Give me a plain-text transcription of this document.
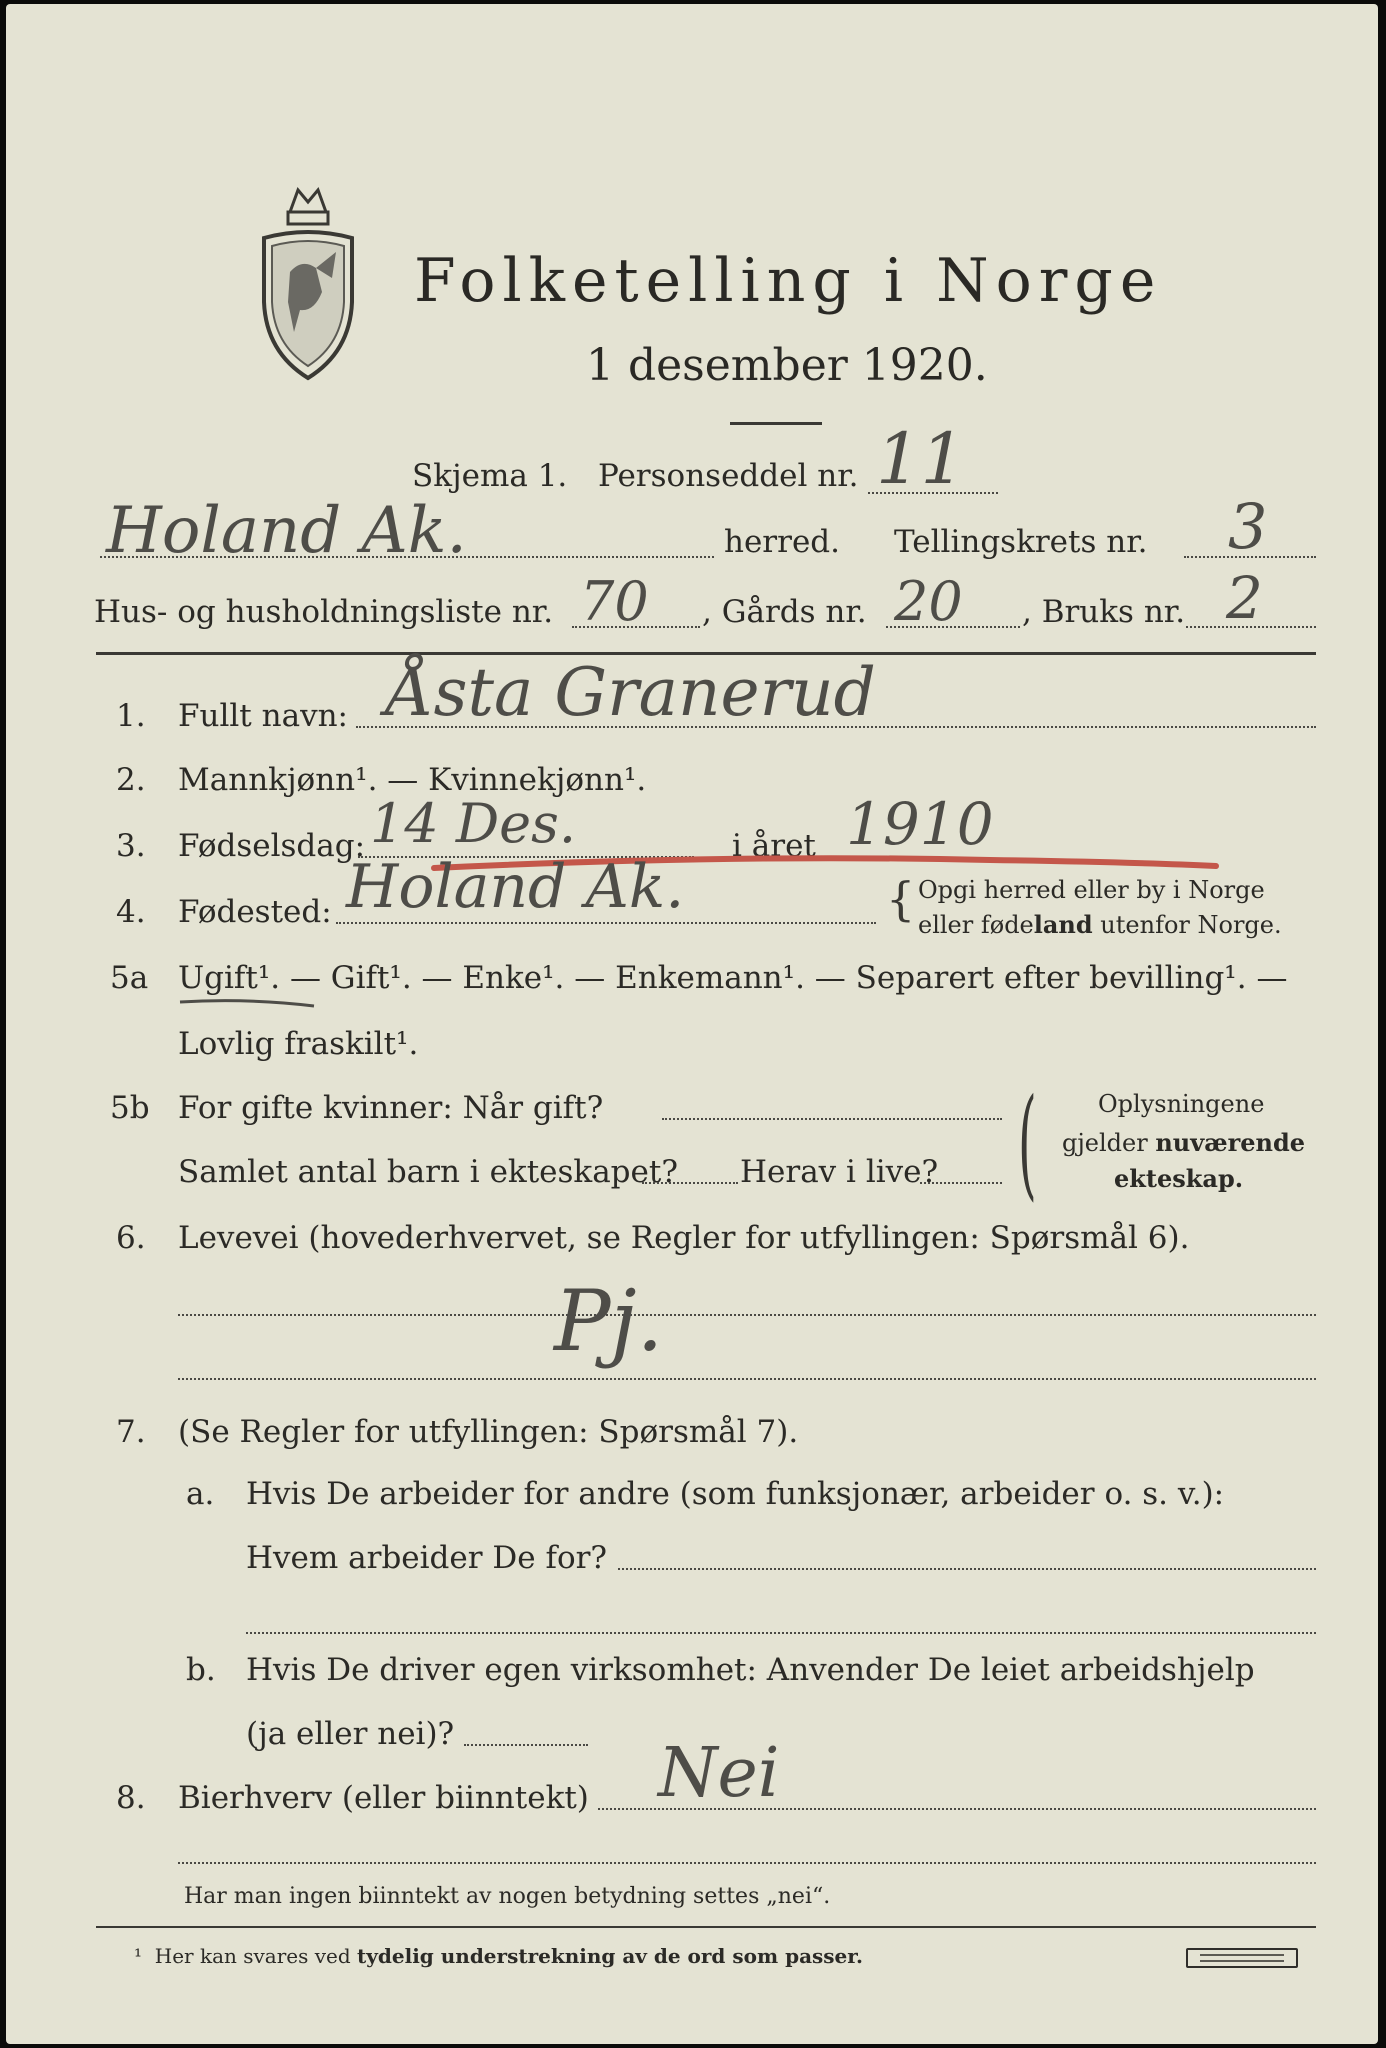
Folketelling i Norge
1 desember 1920.
Skjema 1. Personseddel nr. 11
Holand Ak.	herred. Tellingskrets nr. 3
Hus- og husholdningsliste nr. 70 , Gårds nr. 20 , Bruks nr. 2
1. Fullt navn: Åsta Granerud
2. Mannkjønn¹. — Kvinnekjønn¹.
3. Fødselsdag: 14 Des.	i året 1910
4. Fødested: Holand Ak.	{ Opgi herred eller by i Norge
eller fødeland utenfor Norge.
5a Ugift¹. — Gift¹. — Enke¹. — Enkemann¹. — Separert efter bevilling¹. —
Lovlig fraskilt¹.
5b For gifte kvinner: Når gift?
Samlet antal barn i ekteskapet? Herav i live? (	Oplysningene
gjelder nuværende
ekteskap.
6. Levevei (hovederhvervet, se Regler for utfyllingen: Spørsmål 6).
Pj.
7. (Se Regler for utfyllingen: Spørsmål 7).
a. Hvis De arbeider for andre (som funksjonær, arbeider o. s. v.):
Hvem arbeider De for?
b. Hvis De driver egen virksomhet: Anvender De leiet arbeidshjelp
(ja eller nei)?
8. Bierhverv (eller biinntekt) Nei
Har man ingen biinntekt av nogen betydning settes „nei“.
¹ Her kan svares ved tydelig understrekning av de ord som passer.
